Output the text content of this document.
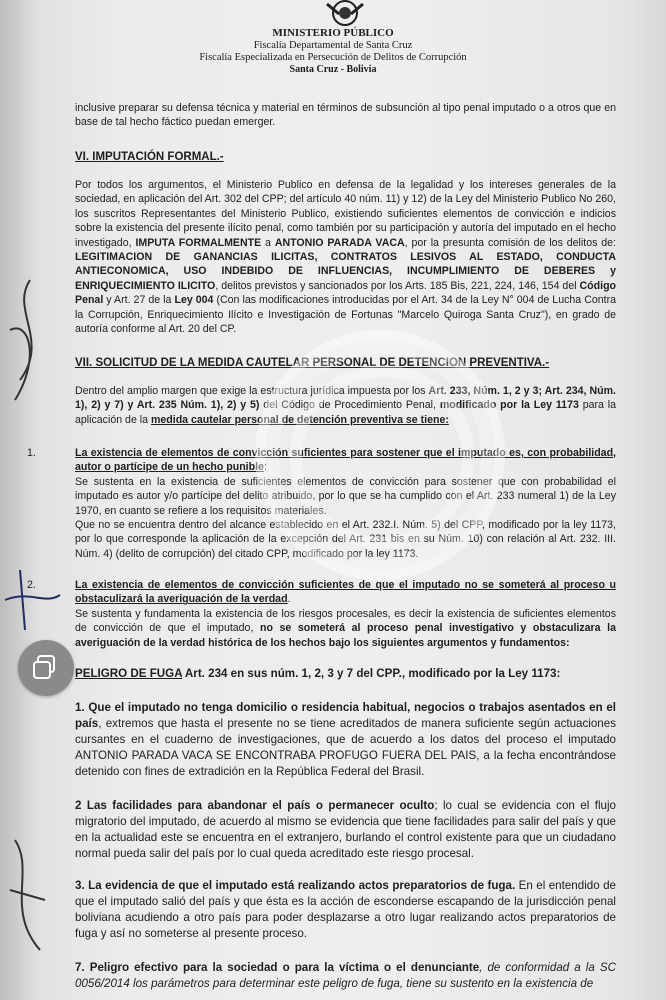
MINISTERIO PÚBLICO
Fiscalía Departamental de Santa Cruz
Fiscalía Especializada en Persecución de Delitos de Corrupción
Santa Cruz - Bolivia
inclusive preparar su defensa técnica y material en términos de subsunción al tipo penal imputado o a otros que en base de tal hecho fáctico puedan emerger.
VI. IMPUTACIÓN FORMAL.-
Por todos los argumentos, el Ministerio Publico en defensa de la legalidad y los intereses generales de la sociedad, en aplicación del Art. 302 del CPP; del artículo 40 núm. 11) y 12) de la Ley del Ministerio Publico No 260, los suscritos Representantes del Ministerio Publico, existiendo suficientes elementos de convicción e indicios sobre la existencia del presente ilícito penal, como también por su participación y autoría del imputado en el hecho investigado, IMPUTA FORMALMENTE a ANTONIO PARADA VACA, por la presunta comisión de los delitos de: LEGITIMACION DE GANANCIAS ILICITAS, CONTRATOS LESIVOS AL ESTADO, CONDUCTA ANTIECONOMICA, USO INDEBIDO DE INFLUENCIAS, INCUMPLIMIENTO DE DEBERES y ENRIQUECIMIENTO ILICITO, delitos previstos y sancionados por los Arts. 185 Bis, 221, 224, 146, 154 del Código Penal y Art. 27 de la Ley 004 (Con las modificaciones introducidas por el Art. 34 de la Ley N° 004 de Lucha Contra la Corrupción, Enriquecimiento Ilícito e Investigación de Fortunas "Marcelo Quiroga Santa Cruz"), en grado de autoría conforme al Art. 20 del CP.
VII. SOLICITUD DE LA MEDIDA CAUTELAR PERSONAL DE DETENCION PREVENTIVA.-
Dentro del amplio margen que exige la estructura jurídica impuesta por los Art. 233, Núm. 1, 2 y 3; Art. 234, Núm. 1), 2) y 7) y Art. 235 Núm. 1), 2) y 5) del Código de Procedimiento Penal, modificado por la Ley 1173 para la aplicación de la medida cautelar personal de detención preventiva se tiene:
1.	La existencia de elementos de convicción suficientes para sostener que el imputado es, con probabilidad, autor o partícipe de un hecho punible:
Se sustenta en la existencia de suficientes elementos de convicción para sostener que con probabilidad el imputado es autor y/o partícipe del delito atribuido, por lo que se ha cumplido con el Art. 233 numeral 1) de la Ley 1970, en cuanto se refiere a los requisitos materiales.
Que no se encuentra dentro del alcance establecido en el Art. 232.I. Núm. 5) del CPP, modificado por la ley 1173, por lo que corresponde la aplicación de la excepción del Art. 231 bis en su Núm. 10) con relación al Art. 232. III. Núm. 4) (delito de corrupción) del citado CPP, modificado por la ley 1173.
2.	La existencia de elementos de convicción suficientes de que el imputado no se someterá al proceso u obstaculizará la averiguación de la verdad.
Se sustenta y fundamenta la existencia de los riesgos procesales, es decir la existencia de suficientes elementos de convicción de que el imputado, no se someterá al proceso penal investigativo y obstaculizara la averiguación de la verdad histórica de los hechos bajo los siguientes argumentos y fundamentos:
PELIGRO DE FUGA Art. 234 en sus núm. 1, 2, 3 y 7 del CPP., modificado por la Ley 1173:
1. Que el imputado no tenga domicilio o residencia habitual, negocios o trabajos asentados en el país, extremos que hasta el presente no se tiene acreditados de manera suficiente según actuaciones cursantes en el cuaderno de investigaciones, que de acuerdo a los datos del proceso el imputado ANTONIO PARADA VACA SE ENCONTRABA PROFUGO FUERA DEL PAIS, a la fecha encontrándose detenido con fines de extradición en la República Federal del Brasil.
2 Las facilidades para abandonar el país o permanecer oculto; lo cual se evidencia con el flujo migratorio del imputado, de acuerdo al mismo se evidencia que tiene facilidades para salir del país y que en la actualidad este se encuentra en el extranjero, burlando el control existente para que un ciudadano normal pueda salir del país por lo cual queda acreditado este riesgo procesal.
3. La evidencia de que el imputado está realizando actos preparatorios de fuga. En el entendido de que el imputado salió del país y que ésta es la acción de esconderse escapando de la jurisdicción penal boliviana acudiendo a otro país para poder desplazarse a otro lugar realizando actos preparatorios de fuga y así no someterse al presente proceso.
7. Peligro efectivo para la sociedad o para la víctima o el denunciante, de conformidad a la SC 0056/2014 los parámetros para determinar este peligro de fuga, tiene su sustento en la existencia de
